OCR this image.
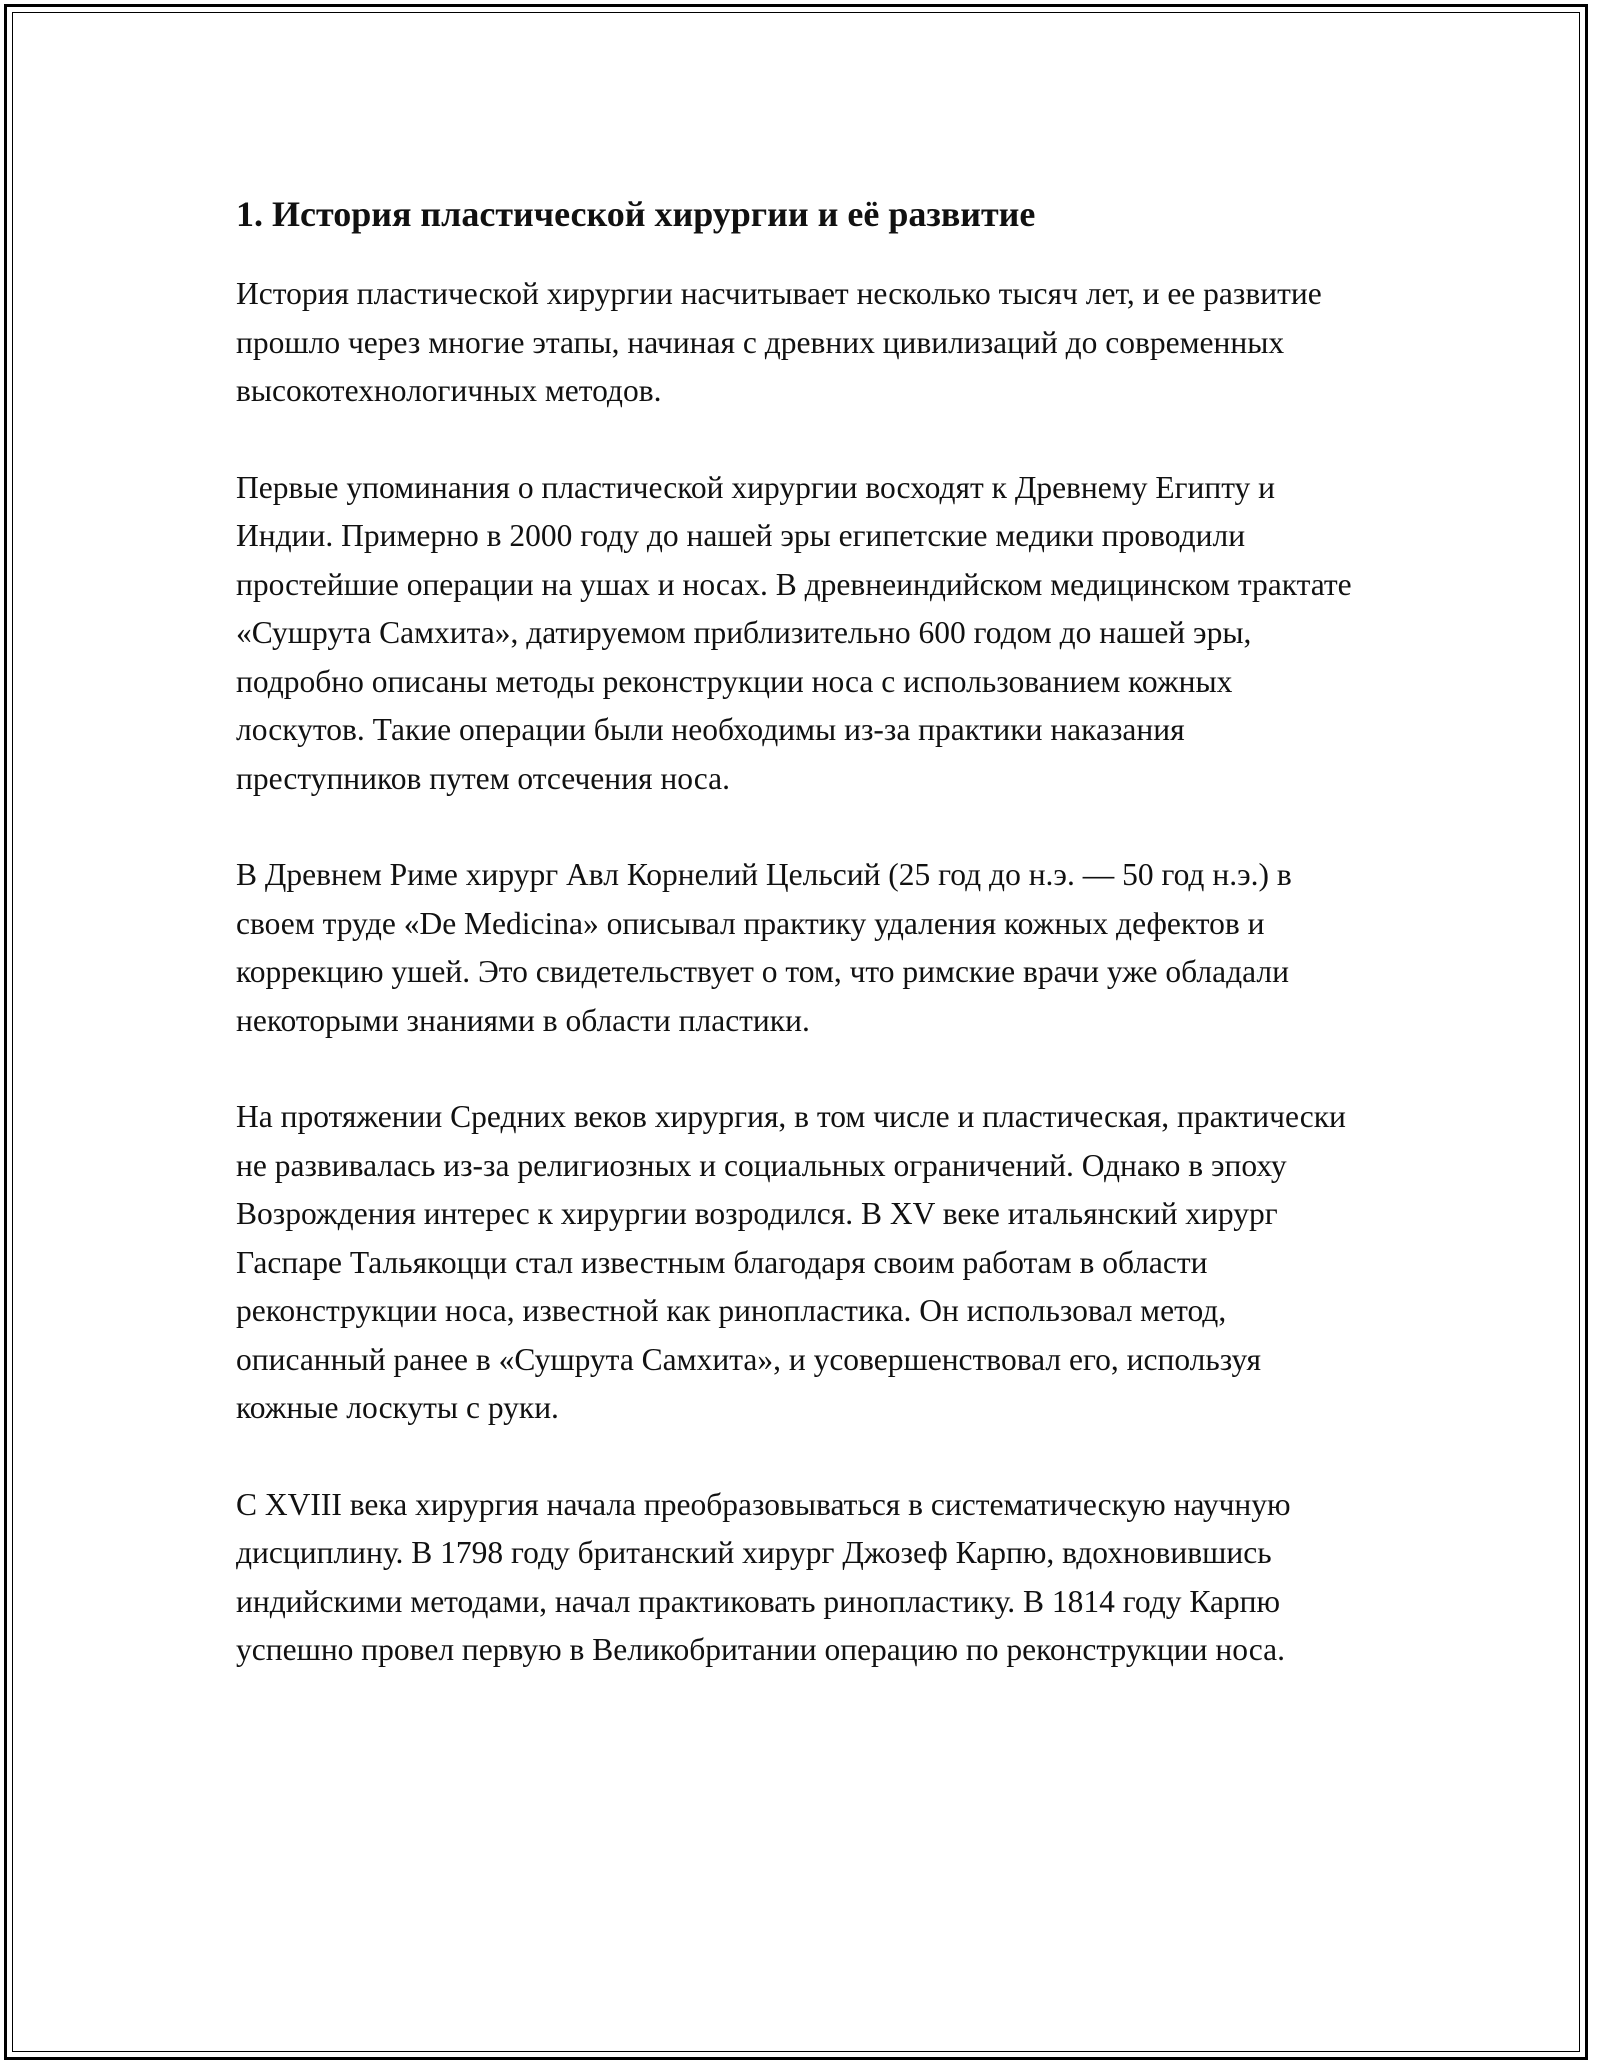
1. История пластической хирургии и её развитие

История пластической хирургии насчитывает несколько тысяч лет, и ее развитие прошло через многие этапы, начиная с древних цивилизаций до современных высокотехнологичных методов.

Первые упоминания о пластической хирургии восходят к Древнему Египту и Индии. Примерно в 2000 году до нашей эры египетские медики проводили простейшие операции на ушах и носах. В древнеиндийском медицинском трактате «Сушрута Самхита», датируемом приблизительно 600 годом до нашей эры, подробно описаны методы реконструкции носа с использованием кожных лоскутов. Такие операции были необходимы из-за практики наказания преступников путем отсечения носа.

В Древнем Риме хирург Авл Корнелий Цельсий (25 год до н.э. — 50 год н.э.) в своем труде «De Medicina» описывал практику удаления кожных дефектов и коррекцию ушей. Это свидетельствует о том, что римские врачи уже обладали некоторыми знаниями в области пластики.

На протяжении Средних веков хирургия, в том числе и пластическая, практически не развивалась из-за религиозных и социальных ограничений. Однако в эпоху Возрождения интерес к хирургии возродился. В XV веке итальянский хирург Гаспаре Тальякоцци стал известным благодаря своим работам в области реконструкции носа, известной как ринопластика. Он использовал метод, описанный ранее в «Сушрута Самхита», и усовершенствовал его, используя кожные лоскуты с руки.

С XVIII века хирургия начала преобразовываться в систематическую научную дисциплину. В 1798 году британский хирург Джозеф Карпю, вдохновившись индийскими методами, начал практиковать ринопластику. В 1814 году Карпю успешно провел первую в Великобритании операцию по реконструкции носа.
